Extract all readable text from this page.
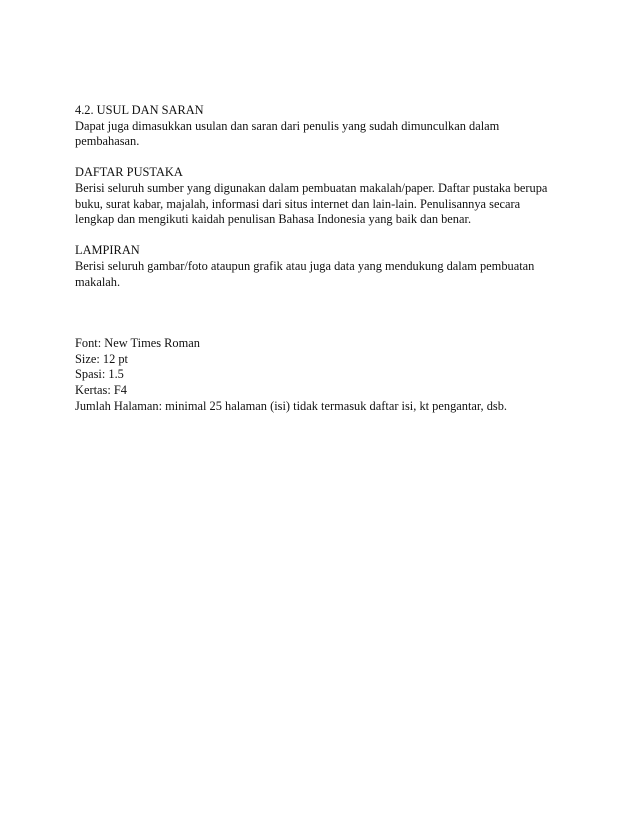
4.2. USUL DAN SARAN
Dapat juga dimasukkan usulan dan saran dari penulis yang sudah dimunculkan dalam
pembahasan.
DAFTAR PUSTAKA
Berisi seluruh sumber yang digunakan dalam pembuatan makalah/paper. Daftar pustaka berupa
buku, surat kabar, majalah, informasi dari situs internet dan lain-lain. Penulisannya secara
lengkap dan mengikuti kaidah penulisan Bahasa Indonesia yang baik dan benar.
LAMPIRAN
Berisi seluruh gambar/foto ataupun grafik atau juga data yang mendukung dalam pembuatan
makalah.
Font: New Times Roman
Size: 12 pt
Spasi: 1.5
Kertas: F4
Jumlah Halaman: minimal 25 halaman (isi) tidak termasuk daftar isi, kt pengantar, dsb.
